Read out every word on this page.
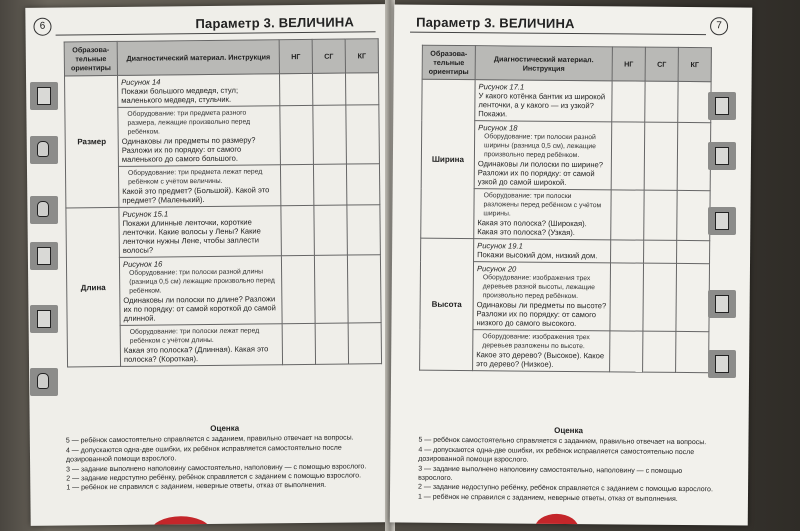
6	Параметр 3. ВЕЛИЧИНА
Образова-тельные ориентиры	Диагностический материал. Инструкция	НГ	СГ	КГ
Размер	Рисунок 14
Покажи большого медведя, стул; маленького медведя, стульчик.			

	Оборудование: три предмета разного размера, лежащие произвольно перед ребёнком.
Одинаковы ли предметы по размеру? Разложи их по порядку: от самого маленького до самого большого.			

	Оборудование: три предмета лежат перед ребёнком с учётом величины.
Какой это предмет? (Большой). Какой это предмет? (Маленький).			

Длина	Рисунок 15.1
Покажи длинные ленточки, короткие ленточки. Какие волосы у Лены? Какие ленточки нужны Лене, чтобы заплести волосы?			

	Рисунок 16
Оборудование: три полоски разной длины (разница 0,5 см) лежащие произвольно перед ребёнком.
Одинаковы ли полоски по длине? Разложи их по порядку: от самой короткой до самой длинной.			

	Оборудование: три полоски лежат перед ребёнком с учётом длины.
Какая это полоска? (Длинная). Какая это полоска? (Короткая).			

Оценка
5 — ребёнок самостоятельно справляется с заданием, правильно отвечает на вопросы.
4 — допускаются одна-две ошибки, их ребёнок исправляется самостоятельно после дозированной помощи взрослого.
3 — задание выполнено наполовину самостоятельно, наполовину — с помощью взрослого.
2 — задание недоступно ребёнку, ребёнок справляется с заданием с помощью взрослого.
1 — ребёнок не справился с заданием, неверные ответы, отказ от выполнения.
Параметр 3. ВЕЛИЧИНА	7
Образова-тельные ориентиры	Диагностический материал. Инструкция	НГ	СГ	КГ
Ширина	Рисунок 17.1
У какого котёнка бантик из широкой ленточки, а у какого — из узкой? Покажи.			

	Рисунок 18
Оборудование: три полоски разной ширины (разница 0,5 см), лежащие произвольно перед ребёнком.
Одинаковы ли полоски по ширине? Разложи их по порядку: от самой узкой до самой широкой.			

	Оборудование: три полоски разложены перед ребёнком с учётом ширины.
Какая это полоска? (Широкая). Какая это полоска? (Узкая).			

Высота	Рисунок 19.1
Покажи высокий дом, низкий дом.			

	Рисунок 20
Оборудование: изображения трех деревьев разной высоты, лежащие произвольно перед ребёнком.
Одинаковы ли предметы по высоте? Разложи их по порядку: от самого низкого до самого высокого.			

	Оборудование: изображения трех деревьев разложены по высоте.
Какое это дерево? (Высокое). Какое это дерево? (Низкое).			

Оценка
5 — ребёнок самостоятельно справляется с заданием, правильно отвечает на вопросы.
4 — допускаются одна-две ошибки, их ребёнок исправляется самостоятельно после дозированной помощи взрослого.
3 — задание выполнено наполовину самостоятельно, наполовину — с помощью взрослого.
2 — задание недоступно ребёнку, ребёнок справляется с заданием с помощью взрослого.
1 — ребёнок не справился с заданием, неверные ответы, отказ от выполнения.
